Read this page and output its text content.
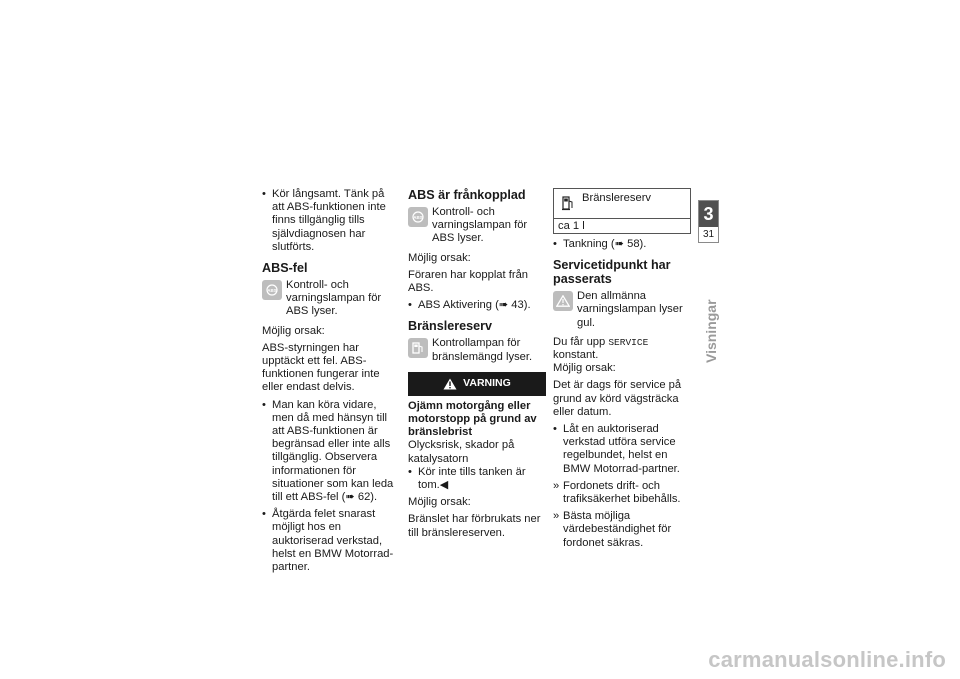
• Kör långsamt. Tänk på att ABS-funktionen inte finns tillgänglig tills självdiagnosen har slutförts.

ABS-fel
ABS Kontroll- och varningslampan för ABS lyser.

Möjlig orsak:

ABS-styrningen har upptäckt ett fel. ABS-funktionen fungerar inte eller endast delvis.

• Man kan köra vidare, men då med hänsyn till att ABS-funktionen är begränsad eller inte alls tillgänglig. Observera informationen för situationer som kan leda till ett ABS-fel (➠ 62).

• Åtgärda felet snarast möjligt hos en auktoriserad verkstad, helst en BMW Motorrad-partner.

ABS är frånkopplad
ABS Kontroll- och varningslampan för ABS lyser.

Möjlig orsak:

Föraren har kopplat från ABS.

• ABS Aktivering (➠ 43).

Bränslereserv
Kontrollampan för bränslemängd lyser.
VARNING

Ojämn motorgång eller motorstopp på grund av bränslebrist

Olycksrisk, skador på katalysatorn

• Kör inte tills tanken är tom.◀

Möjlig orsak:

Bränslet har förbrukats ner till bränslereserven.

Bränslereserv
ca 1 l

• Tankning (➠ 58).

Servicetidpunkt har passerats
Den allmänna varningslampan lyser gul.

Du får upp SERVICE konstant.

Möjlig orsak:

Det är dags för service på grund av körd vägsträcka eller datum.

• Låt en auktoriserad verkstad utföra service regelbundet, helst en BMW Motorrad-partner.

» Fordonets drift- och trafiksäkerhet bibehålls.

» Bästa möjliga värdebeständighet för fordonet säkras.

3
31
Visningar
carmanualsonline.info
